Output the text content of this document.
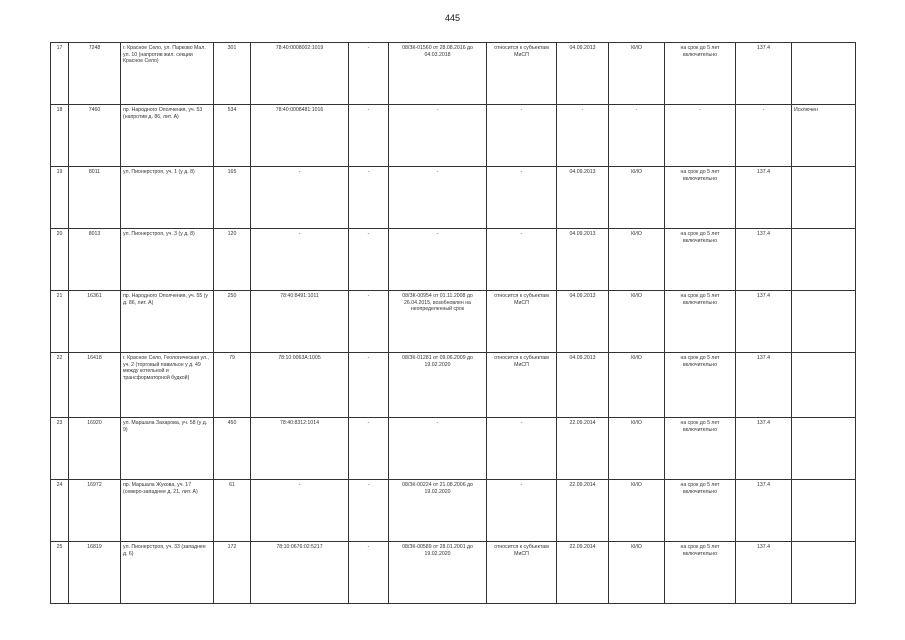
445
17	7248	г. Красное Село, ул. Парково Мал. ул. 10 (напротив жил. секции Красное Село)	301	78:40:0008002:1019	-	08/ЗК-01560 от 28.08.2016 до 04.03.2018	относится к субъектам МиСП	04.09.2013	КИО	на срок до 5 лет включительно	137.4	
18	7460	пр. Народного Ополчения, уч. 53 (напротив д. 86, лит. А)	534	78:40:0008481:1016	-	-	-	-	-	-	-	Исключен
19	8011	ул. Пионерстроя, уч. 1 (у д. 8)	165	-	-	-	-	04.09.2013	КИО	на срок до 5 лет включительно	137.4	
20	8013	ул. Пионерстроя, уч. 3 (у д. 8)	120	-	-	-	-	04.09.2013	КИО	на срок до 5 лет включительно	137.4	
21	16361	пр. Народного Ополчения, уч. 55 (у д. 86, лит. А)	250	78:40:8491:1011	-	08/ЗК-00954 от 01.11.2008 до 26.04.2015, возобновлен на неопределенный срок	относится к субъектам МиСП	04.09.2013	КИО	на срок до 5 лет включительно	137.4	
22	16418	г. Красное Село, Геологическая ул., уч. 2 (торговый павильон у д. 49 между котельной и трансформаторной будкой)	79	78:10:0063A:1005	-	08/ЗК-01281 от 09.06.2009 до 19.02.2020	относится к субъектам МиСП	04.09.2013	КИО	на срок до 5 лет включительно	137.4	
23	16920	ул. Маршала Захарова, уч. 58 (у д. 9)	450	78:40:8312:1014	-	-	-	22.09.2014	КИО	на срок до 5 лет включительно	137.4	
24	16972	пр. Маршала Жукова, уч. 17 (северо-западнее д. 21, лит. А)	61	-	-	08/ЗК-00224 от 21.08.2006 до 19.02.2020	-	22.09.2014	КИО	на срок до 5 лет включительно	137.4	
25	16819	ул. Пионерстроя, уч. 33 (западнее д. 6)	172	78:10:0676:02:5217	-	08/ЗК-00589 от 28.01.2001 до 19.02.2020	относится к субъектам МиСП	22.09.2014	КИО	на срок до 5 лет включительно	137.4	
